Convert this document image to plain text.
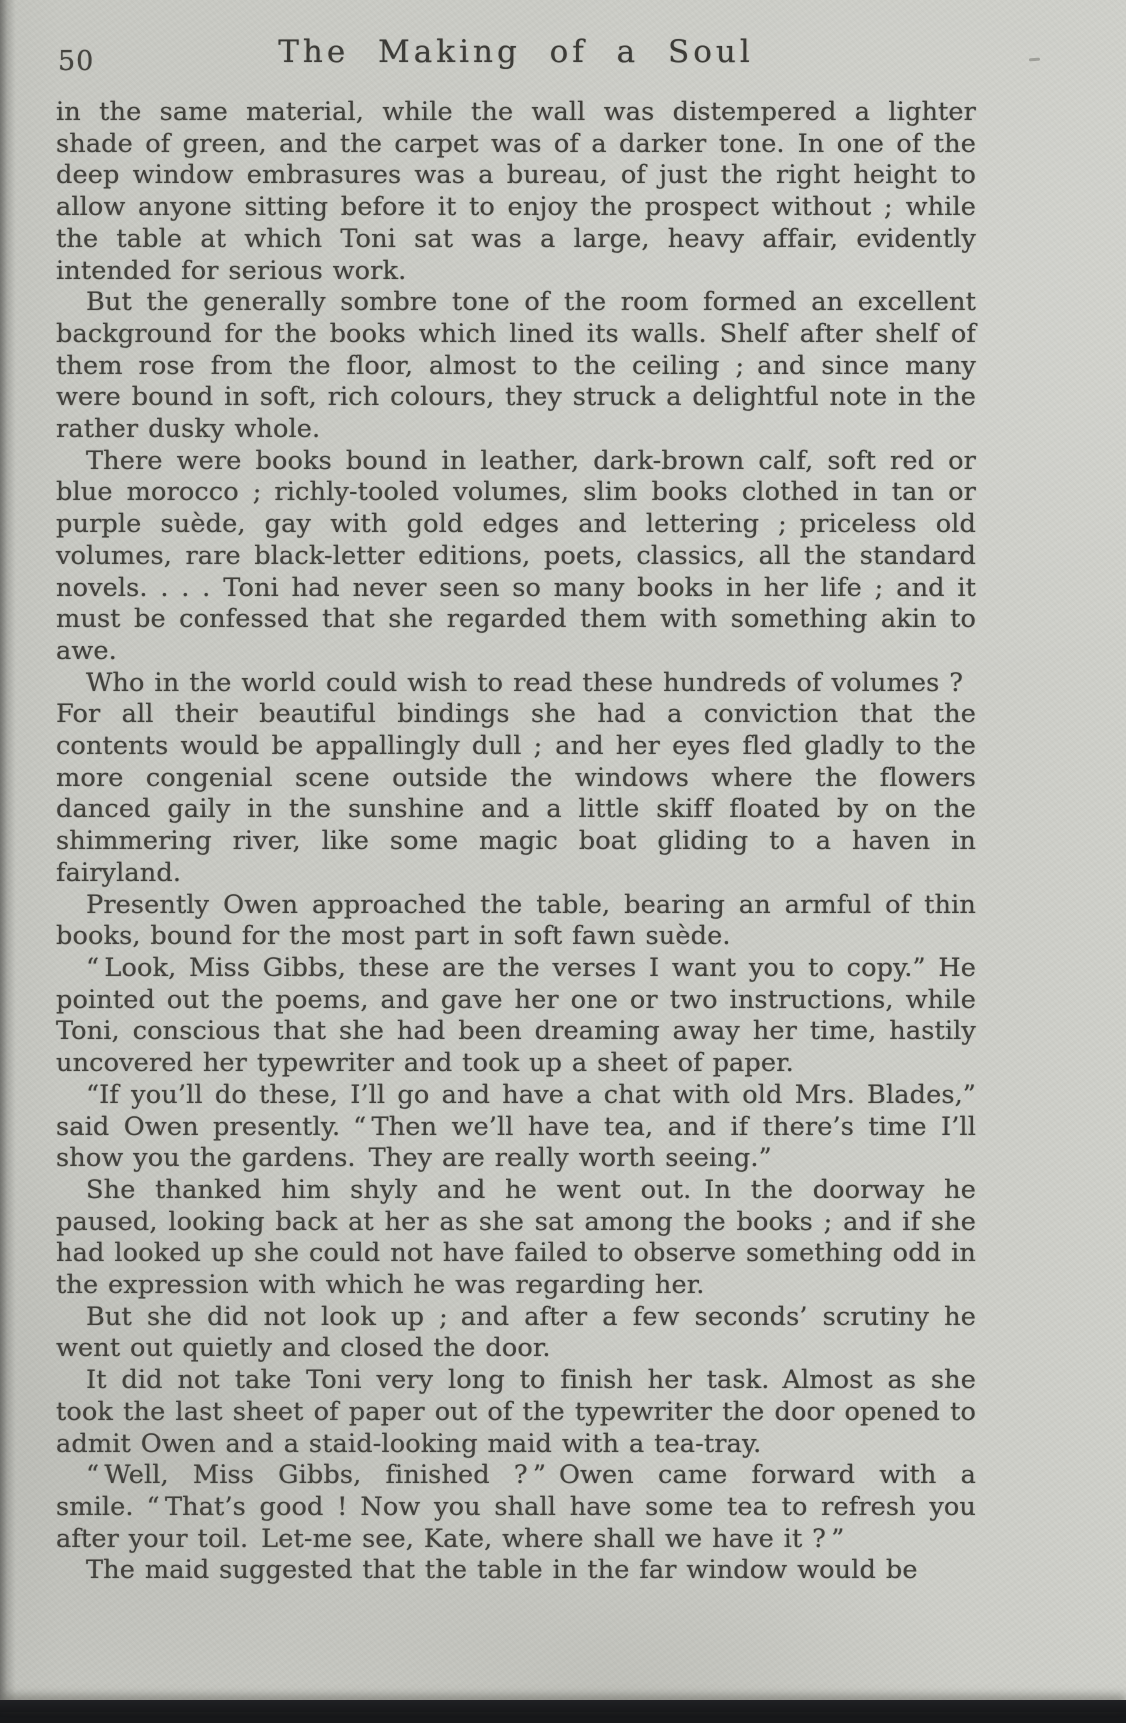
50	The Making of a Soul

in the same material, while the wall was distempered a lighter shade of green, and the carpet was of a darker tone. In one of the deep window embrasures was a bureau, of just the right height to allow anyone sitting before it to enjoy the prospect without ; while the table at which Toni sat was a large, heavy affair, evidently intended for serious work.

But the generally sombre tone of the room formed an excellent background for the books which lined its walls. Shelf after shelf of them rose from the floor, almost to the ceiling ; and since many were bound in soft, rich colours, they struck a delightful note in the rather dusky whole.

There were books bound in leather, dark-brown calf, soft red or blue morocco ; richly-tooled volumes, slim books clothed in tan or purple suède, gay with gold edges and lettering ; priceless old volumes, rare black-letter editions, poets, classics, all the standard novels. . . . Toni had never seen so many books in her life ; and it must be confessed that she regarded them with something akin to awe.

Who in the world could wish to read these hundreds of volumes ? For all their beautiful bindings she had a conviction that the contents would be appallingly dull ; and her eyes fled gladly to the more congenial scene outside the windows where the flowers danced gaily in the sunshine and a little skiff floated by on the shimmering river, like some magic boat gliding to a haven in fairyland.

Presently Owen approached the table, bearing an armful of thin books, bound for the most part in soft fawn suède.

“ Look, Miss Gibbs, these are the verses I want you to copy.” He pointed out the poems, and gave her one or two instructions, while Toni, conscious that she had been dreaming away her time, hastily uncovered her typewriter and took up a sheet of paper.

“If you’ll do these, I’ll go and have a chat with old Mrs. Blades,” said Owen presently. “ Then we’ll have tea, and if there’s time I’ll show you the gardens. They are really worth seeing.”

She thanked him shyly and he went out. In the doorway he paused, looking back at her as she sat among the books ; and if she had looked up she could not have failed to observe something odd in the expression with which he was regarding her.

But she did not look up ; and after a few seconds’ scrutiny he went out quietly and closed the door.

It did not take Toni very long to finish her task. Almost as she took the last sheet of paper out of the typewriter the door opened to admit Owen and a staid-looking maid with a tea-tray.

“ Well, Miss Gibbs, finished ? ” Owen came forward with a smile. “ That’s good ! Now you shall have some tea to refresh you after your toil. Let‑me see, Kate, where shall we have it ? ”

The maid suggested that the table in the far window would be
